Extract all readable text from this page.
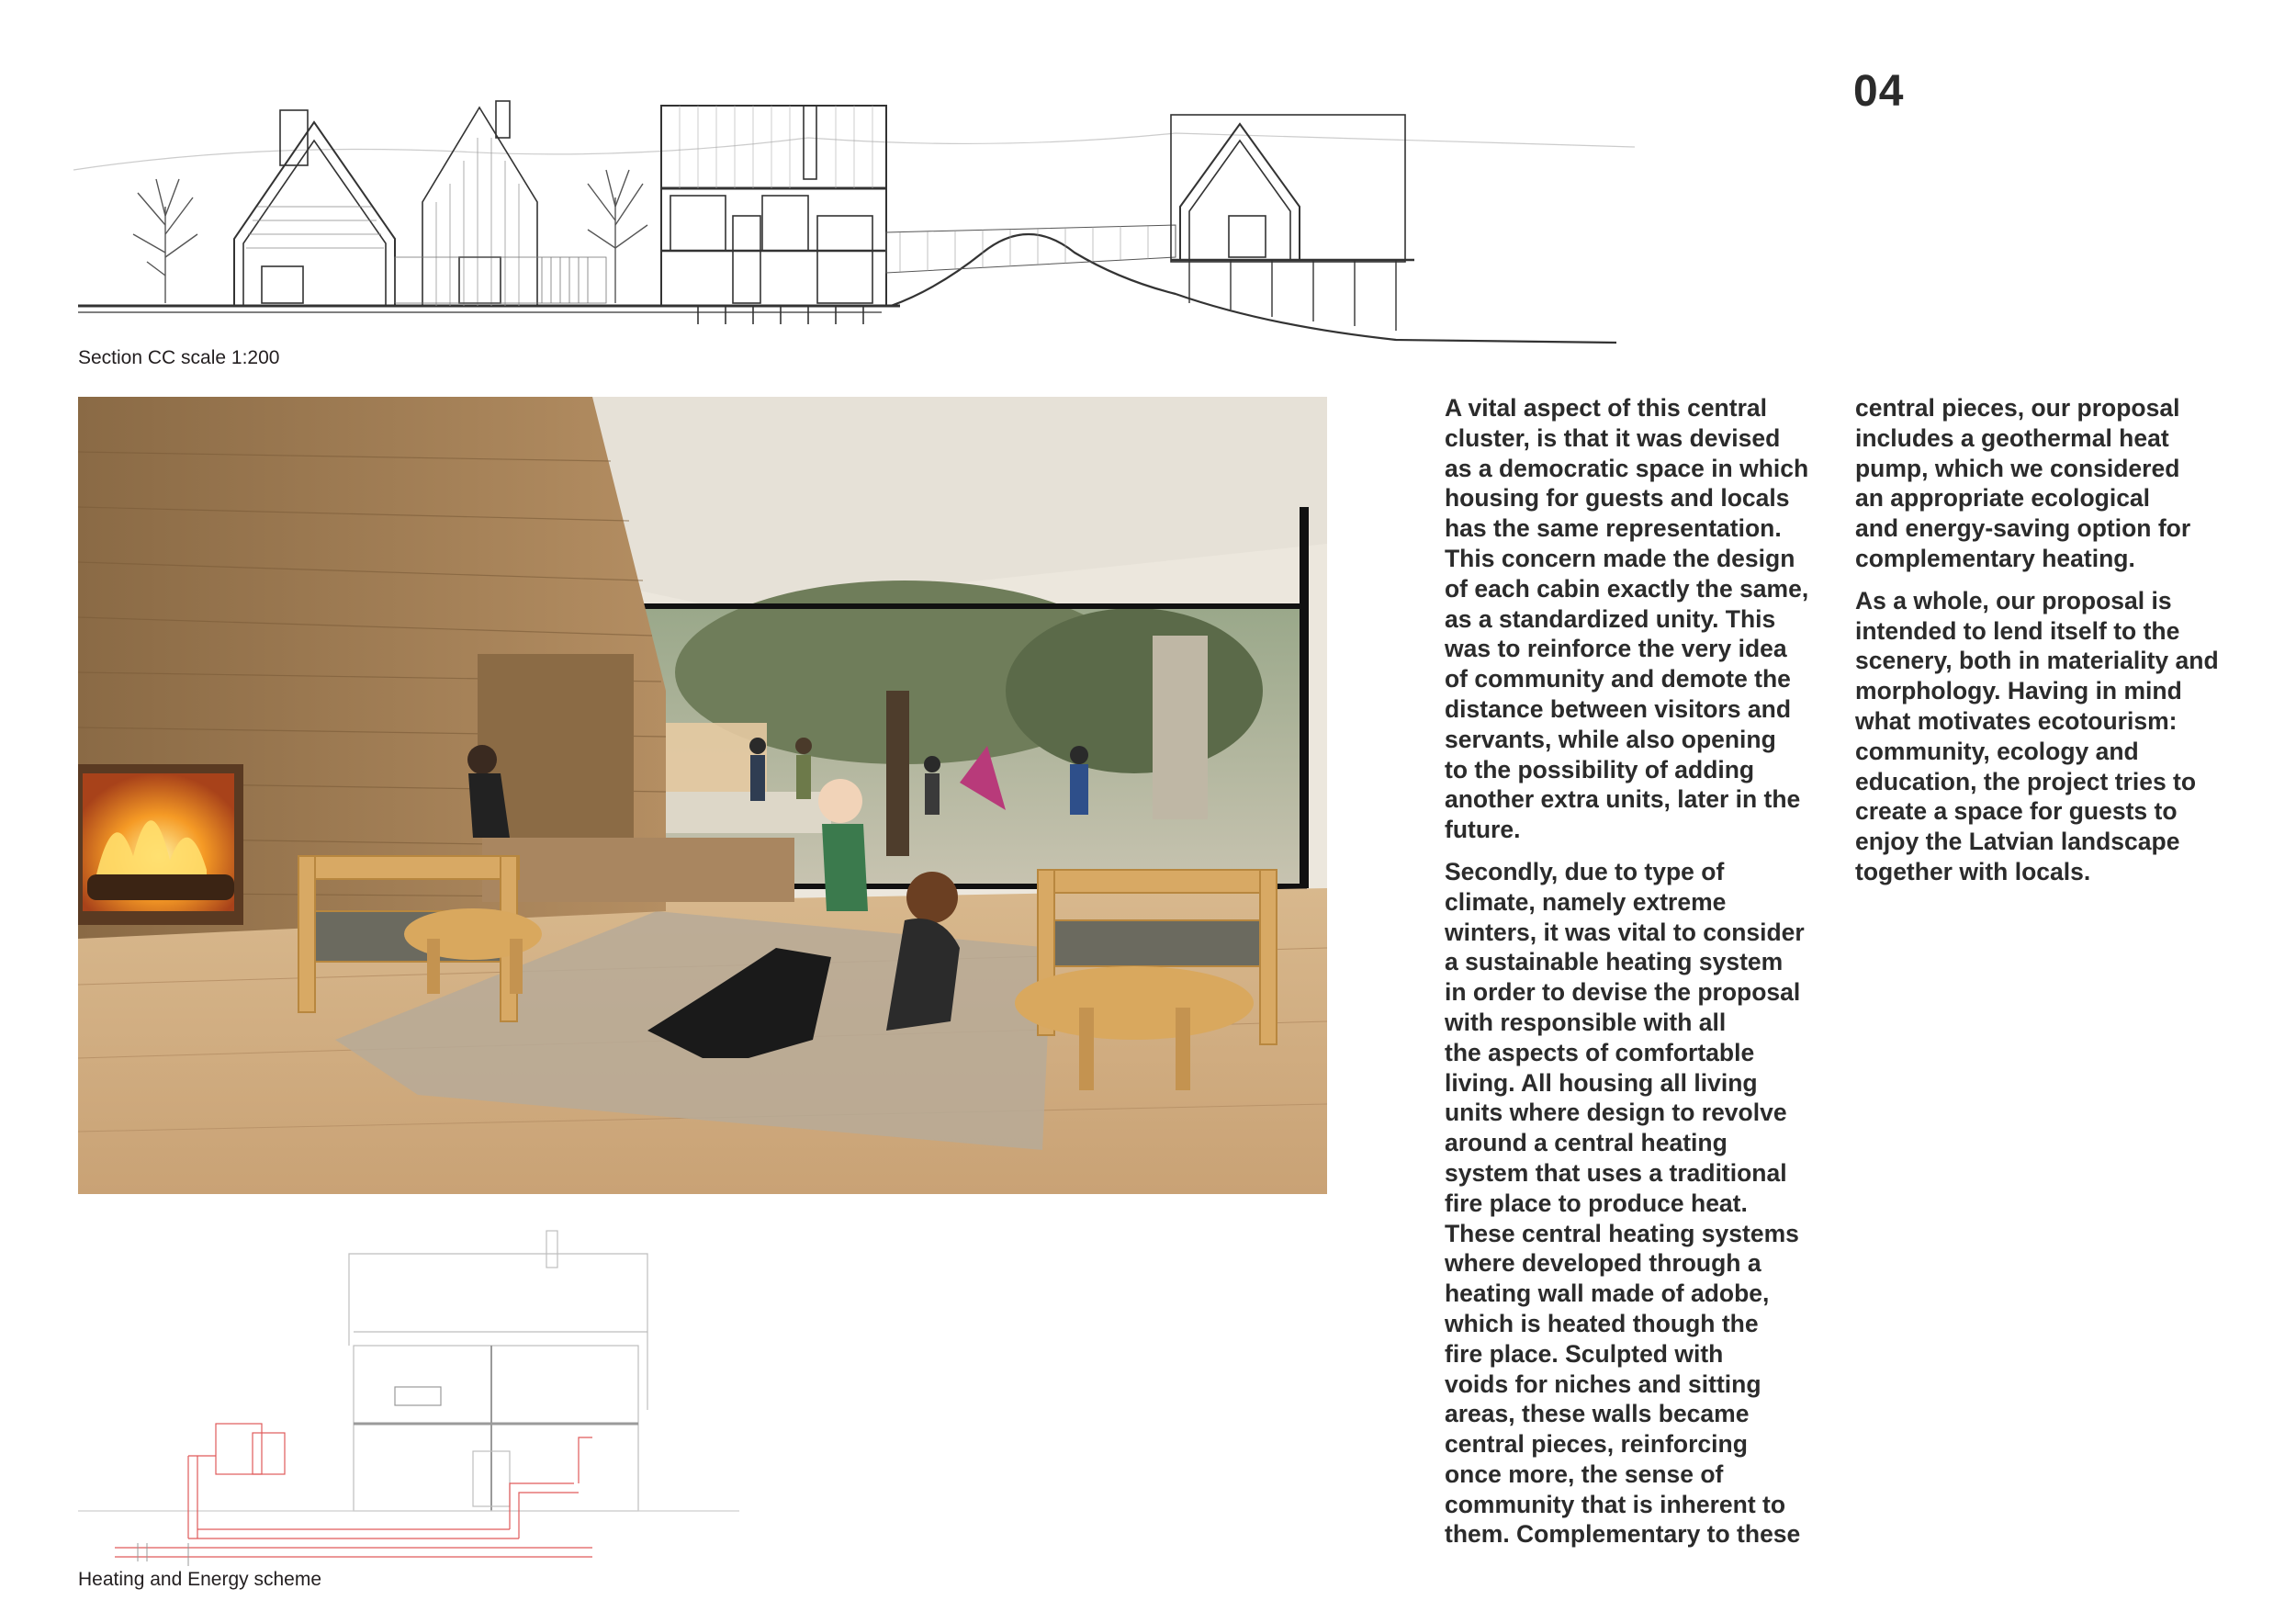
04
Section CC scale 1:200
Heating and Energy scheme

A vital aspect of this central
cluster, is that it was devised
as a democratic space in which
housing for guests and locals
has the same representation.
This concern made the design
of each cabin exactly the same,
as a standardized unity. This
was to reinforce the very idea
of community and demote the
distance between visitors and
servants, while also opening
to the possibility of adding
another extra units, later in the
future.

Secondly, due to type of
climate, namely extreme
winters, it was vital to consider
a sustainable heating system
in order to devise the proposal
with responsible with all
the aspects of comfortable
living. All housing all living
units where design to revolve
around a central heating
system that uses a traditional
fire place to produce heat.
These central heating systems
where developed through a
heating wall made of adobe,
which is heated though the
fire place. Sculpted with
voids for niches and sitting
areas, these walls became
central pieces, reinforcing
once more, the sense of
community that is inherent to
them. Complementary to these

central pieces, our proposal
includes a geothermal heat
pump, which we considered
an appropriate ecological
and energy-saving option for
complementary heating.

As a whole, our proposal is
intended to lend itself to the
scenery, both in materiality and
morphology. Having in mind
what motivates ecotourism:
community, ecology and
education, the project tries to
create a space for guests to
enjoy the Latvian landscape
together with locals.
